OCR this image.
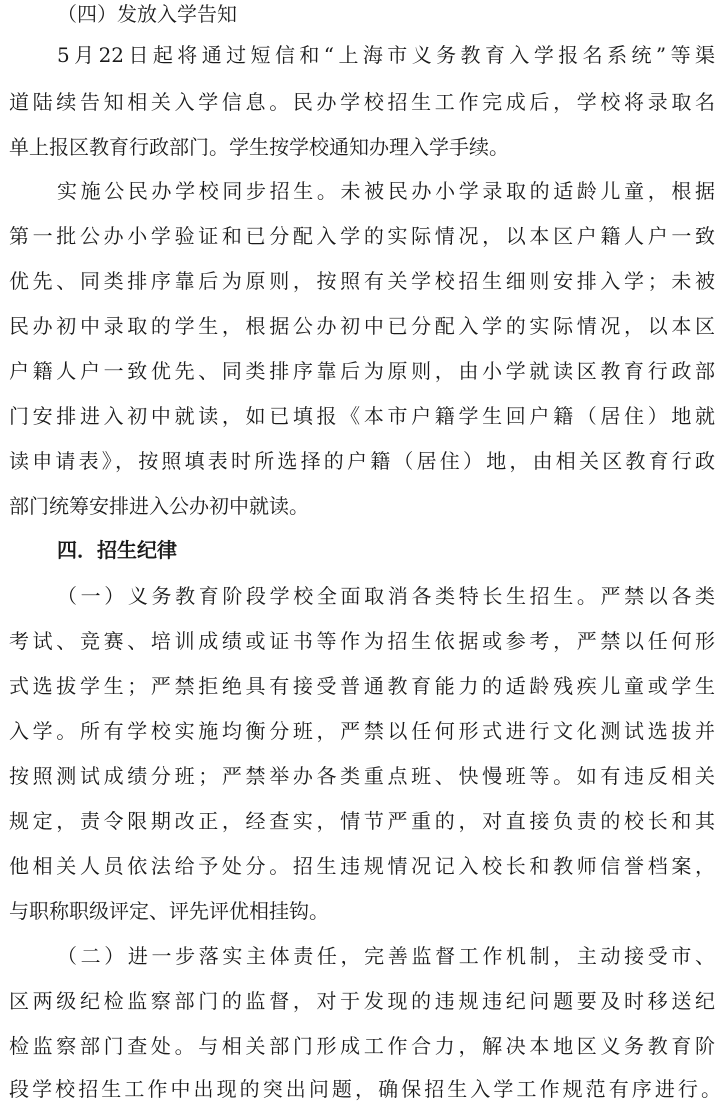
（四）发放入学告知
5月22日起将通过短信和“上海市义务教育入学报名系统”等渠
道陆续告知相关入学信息。民办学校招生工作完成后，学校将录取名
单上报区教育行政部门。学生按学校通知办理入学手续。
实施公民办学校同步招生。未被民办小学录取的适龄儿童，根据
第一批公办小学验证和已分配入学的实际情况，以本区户籍人户一致
优先、同类排序靠后为原则，按照有关学校招生细则安排入学；未被
民办初中录取的学生，根据公办初中已分配入学的实际情况，以本区
户籍人户一致优先、同类排序靠后为原则，由小学就读区教育行政部
门安排进入初中就读，如已填报《本市户籍学生回户籍（居住）地就
读申请表》，按照填表时所选择的户籍（居住）地，由相关区教育行政
部门统筹安排进入公办初中就读。
四．招生纪律
（一）义务教育阶段学校全面取消各类特长生招生。严禁以各类
考试、竞赛、培训成绩或证书等作为招生依据或参考，严禁以任何形
式选拔学生；严禁拒绝具有接受普通教育能力的适龄残疾儿童或学生
入学。所有学校实施均衡分班，严禁以任何形式进行文化测试选拔并
按照测试成绩分班；严禁举办各类重点班、快慢班等。如有违反相关
规定，责令限期改正，经查实，情节严重的，对直接负责的校长和其
他相关人员依法给予处分。招生违规情况记入校长和教师信誉档案，
与职称职级评定、评先评优相挂钩。
（二）进一步落实主体责任，完善监督工作机制，主动接受市、
区两级纪检监察部门的监督，对于发现的违规违纪问题要及时移送纪
检监察部门查处。与相关部门形成工作合力，解决本地区义务教育阶
段学校招生工作中出现的突出问题，确保招生入学工作规范有序进行。
